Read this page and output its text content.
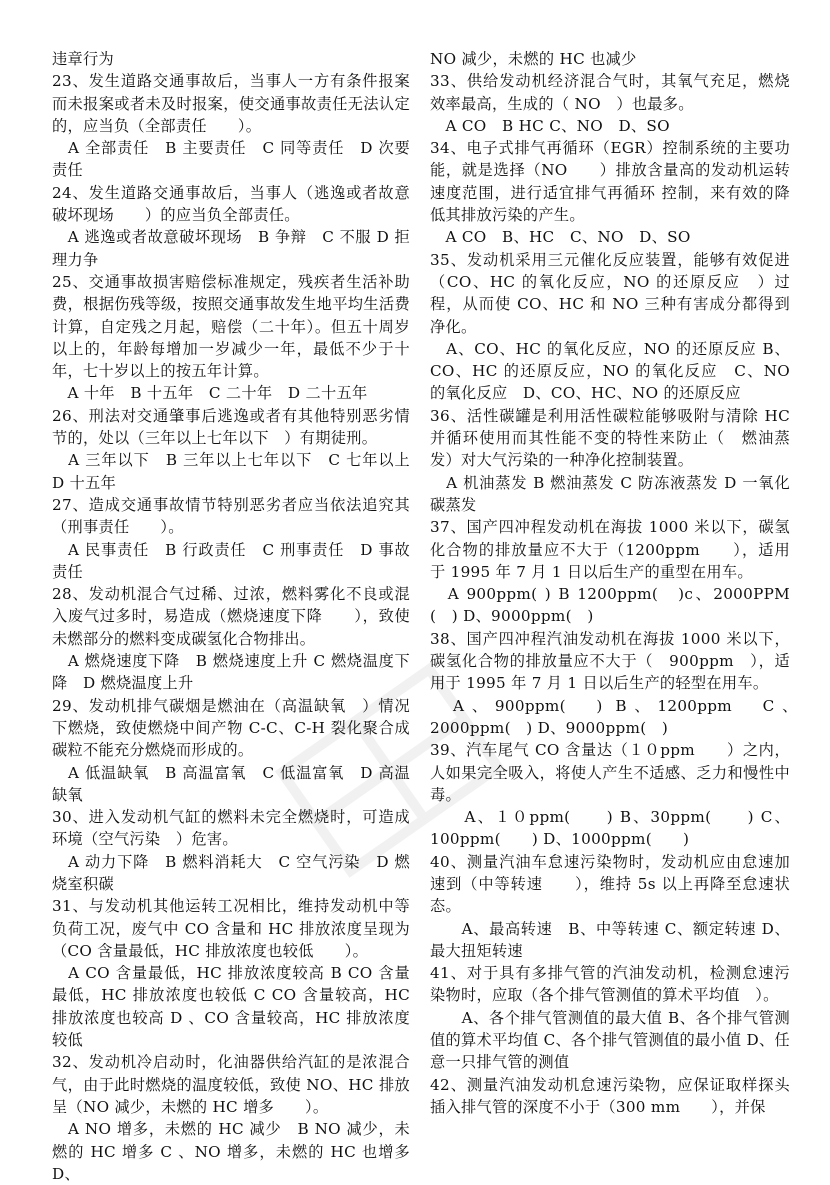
违章行为

23、发生道路交通事故后，当事人一方有条件报案而未报案或者未及时报案，使交通事故责任无法认定的，应当负（全部责任　　）。

　A 全部责任　B 主要责任　C 同等责任　D 次要责任

24、发生道路交通事故后，当事人（逃逸或者故意破坏现场　　）的应当负全部责任。

　A 逃逸或者故意破坏现场　B 争辩　C 不服 D 拒理力争

25、交通事故损害赔偿标准规定，残疾者生活补助费，根据伤残等级，按照交通事故发生地平均生活费计算，自定残之月起，赔偿（二十年）。但五十周岁以上的，年龄每增加一岁减少一年，最低不少于十年，七十岁以上的按五年计算。

　A 十年　B 十五年　C 二十年　D 二十五年

26、刑法对交通肇事后逃逸或者有其他特别恶劣情节的，处以（三年以上七年以下　）有期徒刑。

　A 三年以下　B 三年以上七年以下　C 七年以上　D 十五年

27、造成交通事故情节特别恶劣者应当依法追究其（刑事责任　　）。

　A 民事责任　B 行政责任　C 刑事责任　D 事故责任

28、发动机混合气过稀、过浓，燃料雾化不良或混入废气过多时，易造成（燃烧速度下降　　），致使未燃部分的燃料变成碳氢化合物排出。

　A 燃烧速度下降　B 燃烧速度上升 C 燃烧温度下降　D 燃烧温度上升

29、发动机排气碳烟是燃油在（高温缺氧　）情况下燃烧，致使燃烧中间产物 C-C、C-H 裂化聚合成碳粒不能充分燃烧而形成的。

　A 低温缺氧　B 高温富氧　C 低温富氧　D 高温缺氧

30、进入发动机气缸的燃料未完全燃烧时，可造成环境（空气污染　）危害。

　A 动力下降　B 燃料消耗大　C 空气污染　D 燃烧室积碳

31、与发动机其他运转工况相比，维持发动机中等负荷工况，废气中 CO 含量和 HC 排放浓度呈现为（CO 含量最低，HC 排放浓度也较低　　）。

　A CO 含量最低，HC 排放浓度较高 B CO 含量最低，HC 排放浓度也较低 C CO 含量较高，HC 排放浓度也较高 D 、CO 含量较高，HC 排放浓度较低

32、发动机冷启动时，化油器供给汽缸的是浓混合气，由于此时燃烧的温度较低，致使 NO、HC 排放呈（NO 减少，未燃的 HC 增多　　）。

　A NO 增多，未燃的 HC 减少　B NO 减少，未燃的 HC 增多 C 、NO 增多，未燃的 HC 也增多　D、

NO 减少，未燃的 HC 也减少

33、供给发动机经济混合气时，其氧气充足，燃烧效率最高，生成的（ NO　）也最多。

　A CO　B HC C、NO　D、SO

34、电子式排气再循环（EGR）控制系统的主要功能，就是选择（NO　　）排放含量高的发动机运转速度范围，进行适宜排气再循环 控制，来有效的降低其排放污染的产生。

　A CO　B、HC　C、NO　D、SO

35、发动机采用三元催化反应装置，能够有效促进（CO、HC 的氧化反应，NO 的还原反应　）过程，从而使 CO、HC 和 NO 三种有害成分都得到净化。

　A、CO、HC 的氧化反应，NO 的还原反应 B、CO、HC 的还原反应，NO 的氧化反应　C、NO 的氧化反应　D、CO、HC、NO 的还原反应

36、活性碳罐是利用活性碳粒能够吸附与清除 HC 并循环使用而其性能不变的特性来防止（　燃油蒸发）对大气污染的一种净化控制装置。

　A 机油蒸发 B 燃油蒸发 C 防冻液蒸发 D 一氧化碳蒸发

37、国产四冲程发动机在海拔 1000 米以下，碳氢化合物的排放量应不大于（1200ppm　　），适用于 1995 年 7 月 1 日以后生产的重型在用车。

　A 900ppm( ) B 1200ppm(　)c、2000PPM (　) D、9000ppm(　)

38、国产四冲程汽油发动机在海拔 1000 米以下，碳氢化合物的排放量应不大于（　900ppm　），适用于 1995 年 7 月 1 日以后生产的轻型在用车。

　A、900ppm(　) B、1200ppm　C、　2000ppm(　) D、9000ppm(　)

39、汽车尾气 CO 含量达（１０ppm　　）之内，人如果完全吸入，将使人产生不适感、乏力和慢性中毒。

　　A、１０ppm(　　) B、30ppm(　　) C、100ppm(　　) D、1000ppm(　　)

40、测量汽油车怠速污染物时，发动机应由怠速加速到（中等转速　　），维持 5s 以上再降至怠速状态。

　　A、最高转速　B、中等转速 C、额定转速 D、最大扭矩转速

41、对于具有多排气管的汽油发动机，检测怠速污染物时，应取（各个排气管测值的算术平均值　）。

　　A、各个排气管测值的最大值 B、各个排气管测值的算术平均值 C、各个排气管测值的最小值 D、任意一只排气管的测值

42、测量汽油发动机怠速污染物，应保证取样探头插入排气管的深度不小于（300 mm　　），并保
